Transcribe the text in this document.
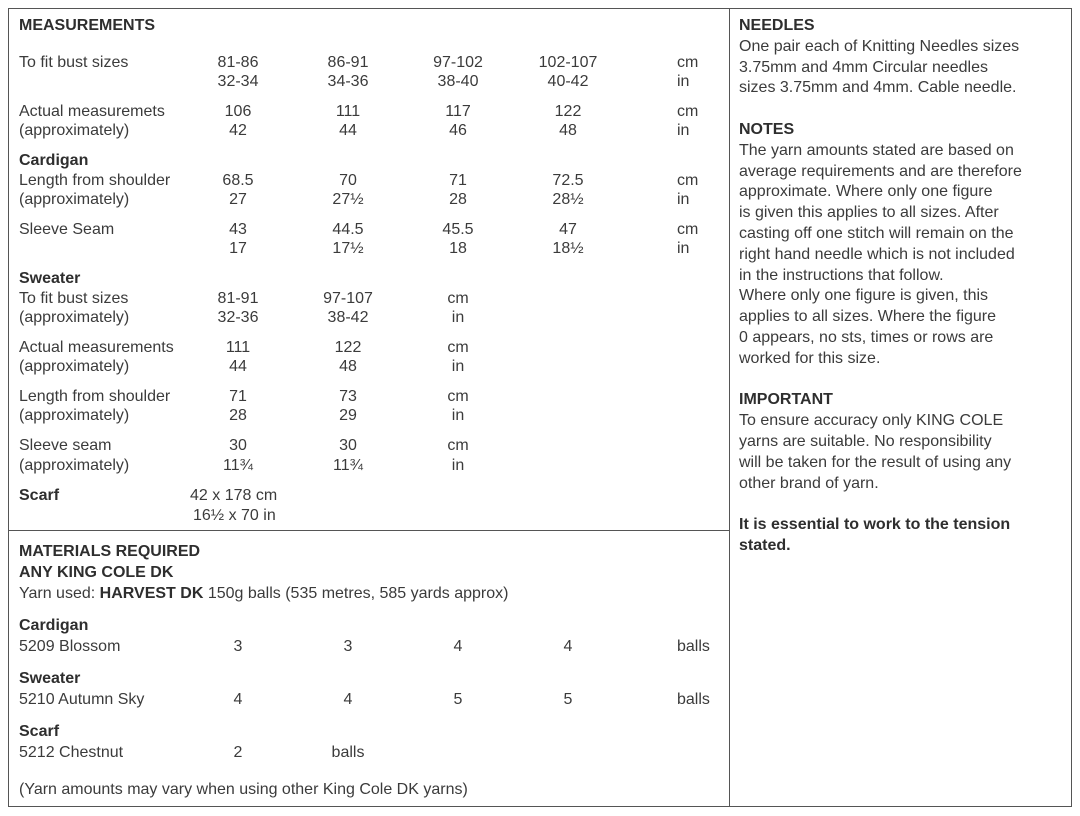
MEASUREMENTS
To fit bust sizes	81-86	86-91	97-102	102-107	cm
32-34	34-36	38-40	40-42	in
Actual measuremets
(approximately)
106	111	117	122	cm
42	44	46	48	in
Cardigan
Length from shoulder
(approximately)
68.5	70	71	72.5	cm
27	27½	28	28½	in
Sleeve Seam	43	44.5	45.5	47	cm
17	17½	18	18½	in
Sweater
To fit bust sizes
(approximately)
81-91	97-107	cm
32-36	38-42	in
Actual measurements
(approximately)
111	122	cm
44	48	in
Length from shoulder
(approximately)
71	73	cm
28	29	in
Sleeve seam
(approximately)
30	30	cm
11¾	11¾	in
Scarf	42 x 178 cm
16½ x 70 in
MATERIALS REQUIRED
ANY KING COLE DK
Yarn used: HARVEST DK 150g balls (535 metres, 585 yards approx)
Cardigan
5209 Blossom	3	3	4	4	balls
Sweater
5210 Autumn Sky	4	4	5	5	balls
Scarf
5212 Chestnut	2	balls
(Yarn amounts may vary when using other King Cole DK yarns)
NEEDLES
One pair each of Knitting Needles sizes
3.75mm and 4mm Circular needles
sizes 3.75mm and 4mm. Cable needle.
NOTES
The yarn amounts stated are based on
average requirements and are therefore
approximate. Where only one figure
is given this applies to all sizes. After
casting off one stitch will remain on the
right hand needle which is not included
in the instructions that follow.
Where only one figure is given, this
applies to all sizes. Where the figure
0 appears, no sts, times or rows are
worked for this size.
IMPORTANT
To ensure accuracy only KING COLE
yarns are suitable. No responsibility
will be taken for the result of using any
other brand of yarn.
It is essential to work to the tension
stated.
